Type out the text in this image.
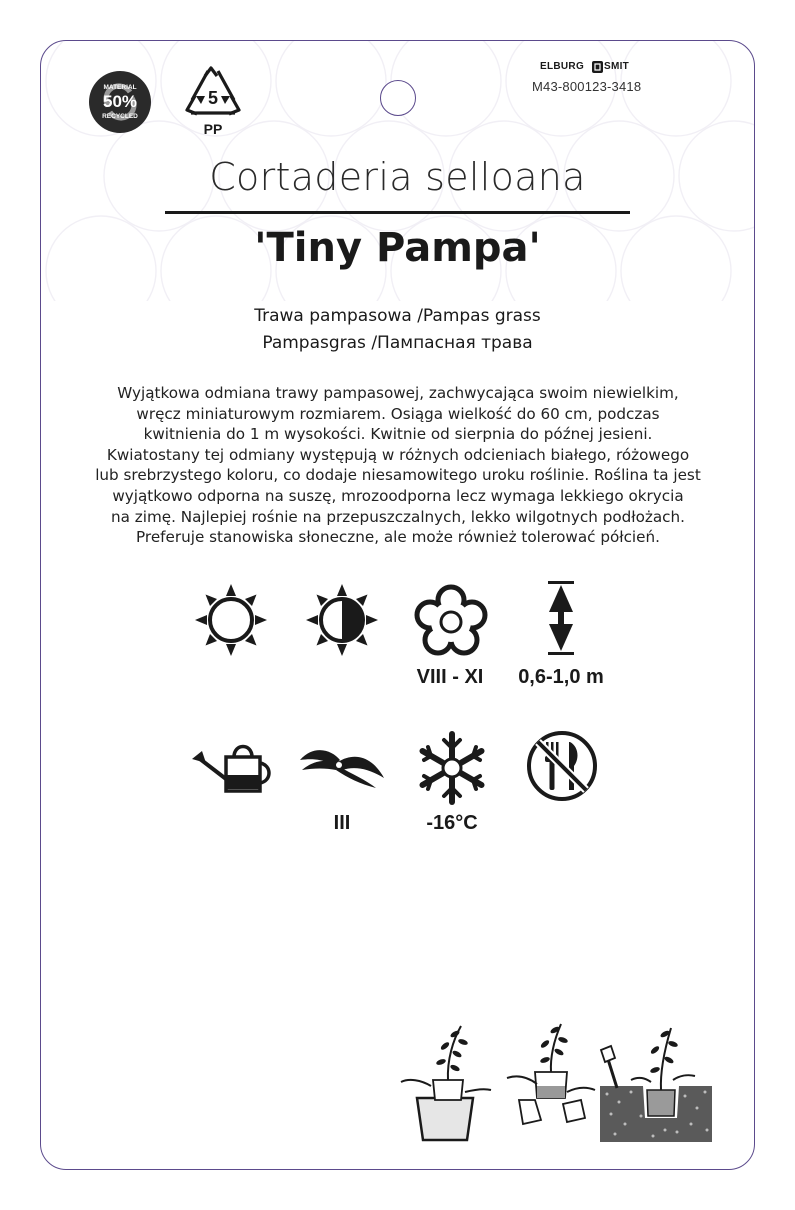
MATERIAL
50%
RECYCLED
5
PP
ELBURG SMIT
M43-800123-3418
Cortaderia selloana
'Tiny Pampa'
Trawa pampasowa /Pampas grass
Pampasgras /Пампасная трава
Wyjątkowa odmiana trawy pampasowej, zachwycająca swoim niewielkim,
wręcz miniaturowym rozmiarem. Osiąga wielkość do 60 cm, podczas
kwitnienia do 1 m wysokości. Kwitnie od sierpnia do późnej jesieni.
Kwiatostany tej odmiany występują w różnych odcieniach białego, różowego
lub srebrzystego koloru, co dodaje niesamowitego uroku roślinie. Roślina ta jest
wyjątkowo odporna na suszę, mrozoodporna lecz wymaga lekkiego okrycia
na zimę. Najlepiej rośnie na przepuszczalnych, lekko wilgotnych podłożach.
Preferuje stanowiska słoneczne, ale może również tolerować półcień.
VIII - XI	0,6-1,0 m
III	-16°C
